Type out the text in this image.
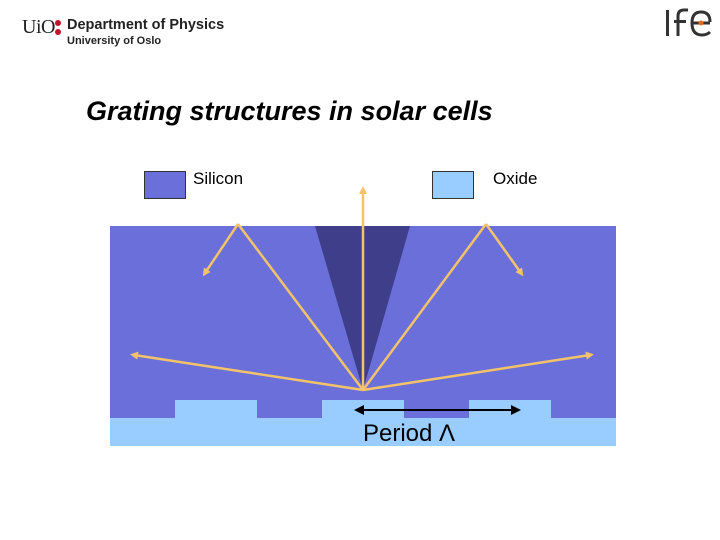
UiO Department of Physics
University of Oslo
Grating structures in solar cells
Silicon	Oxide
Period Λ
